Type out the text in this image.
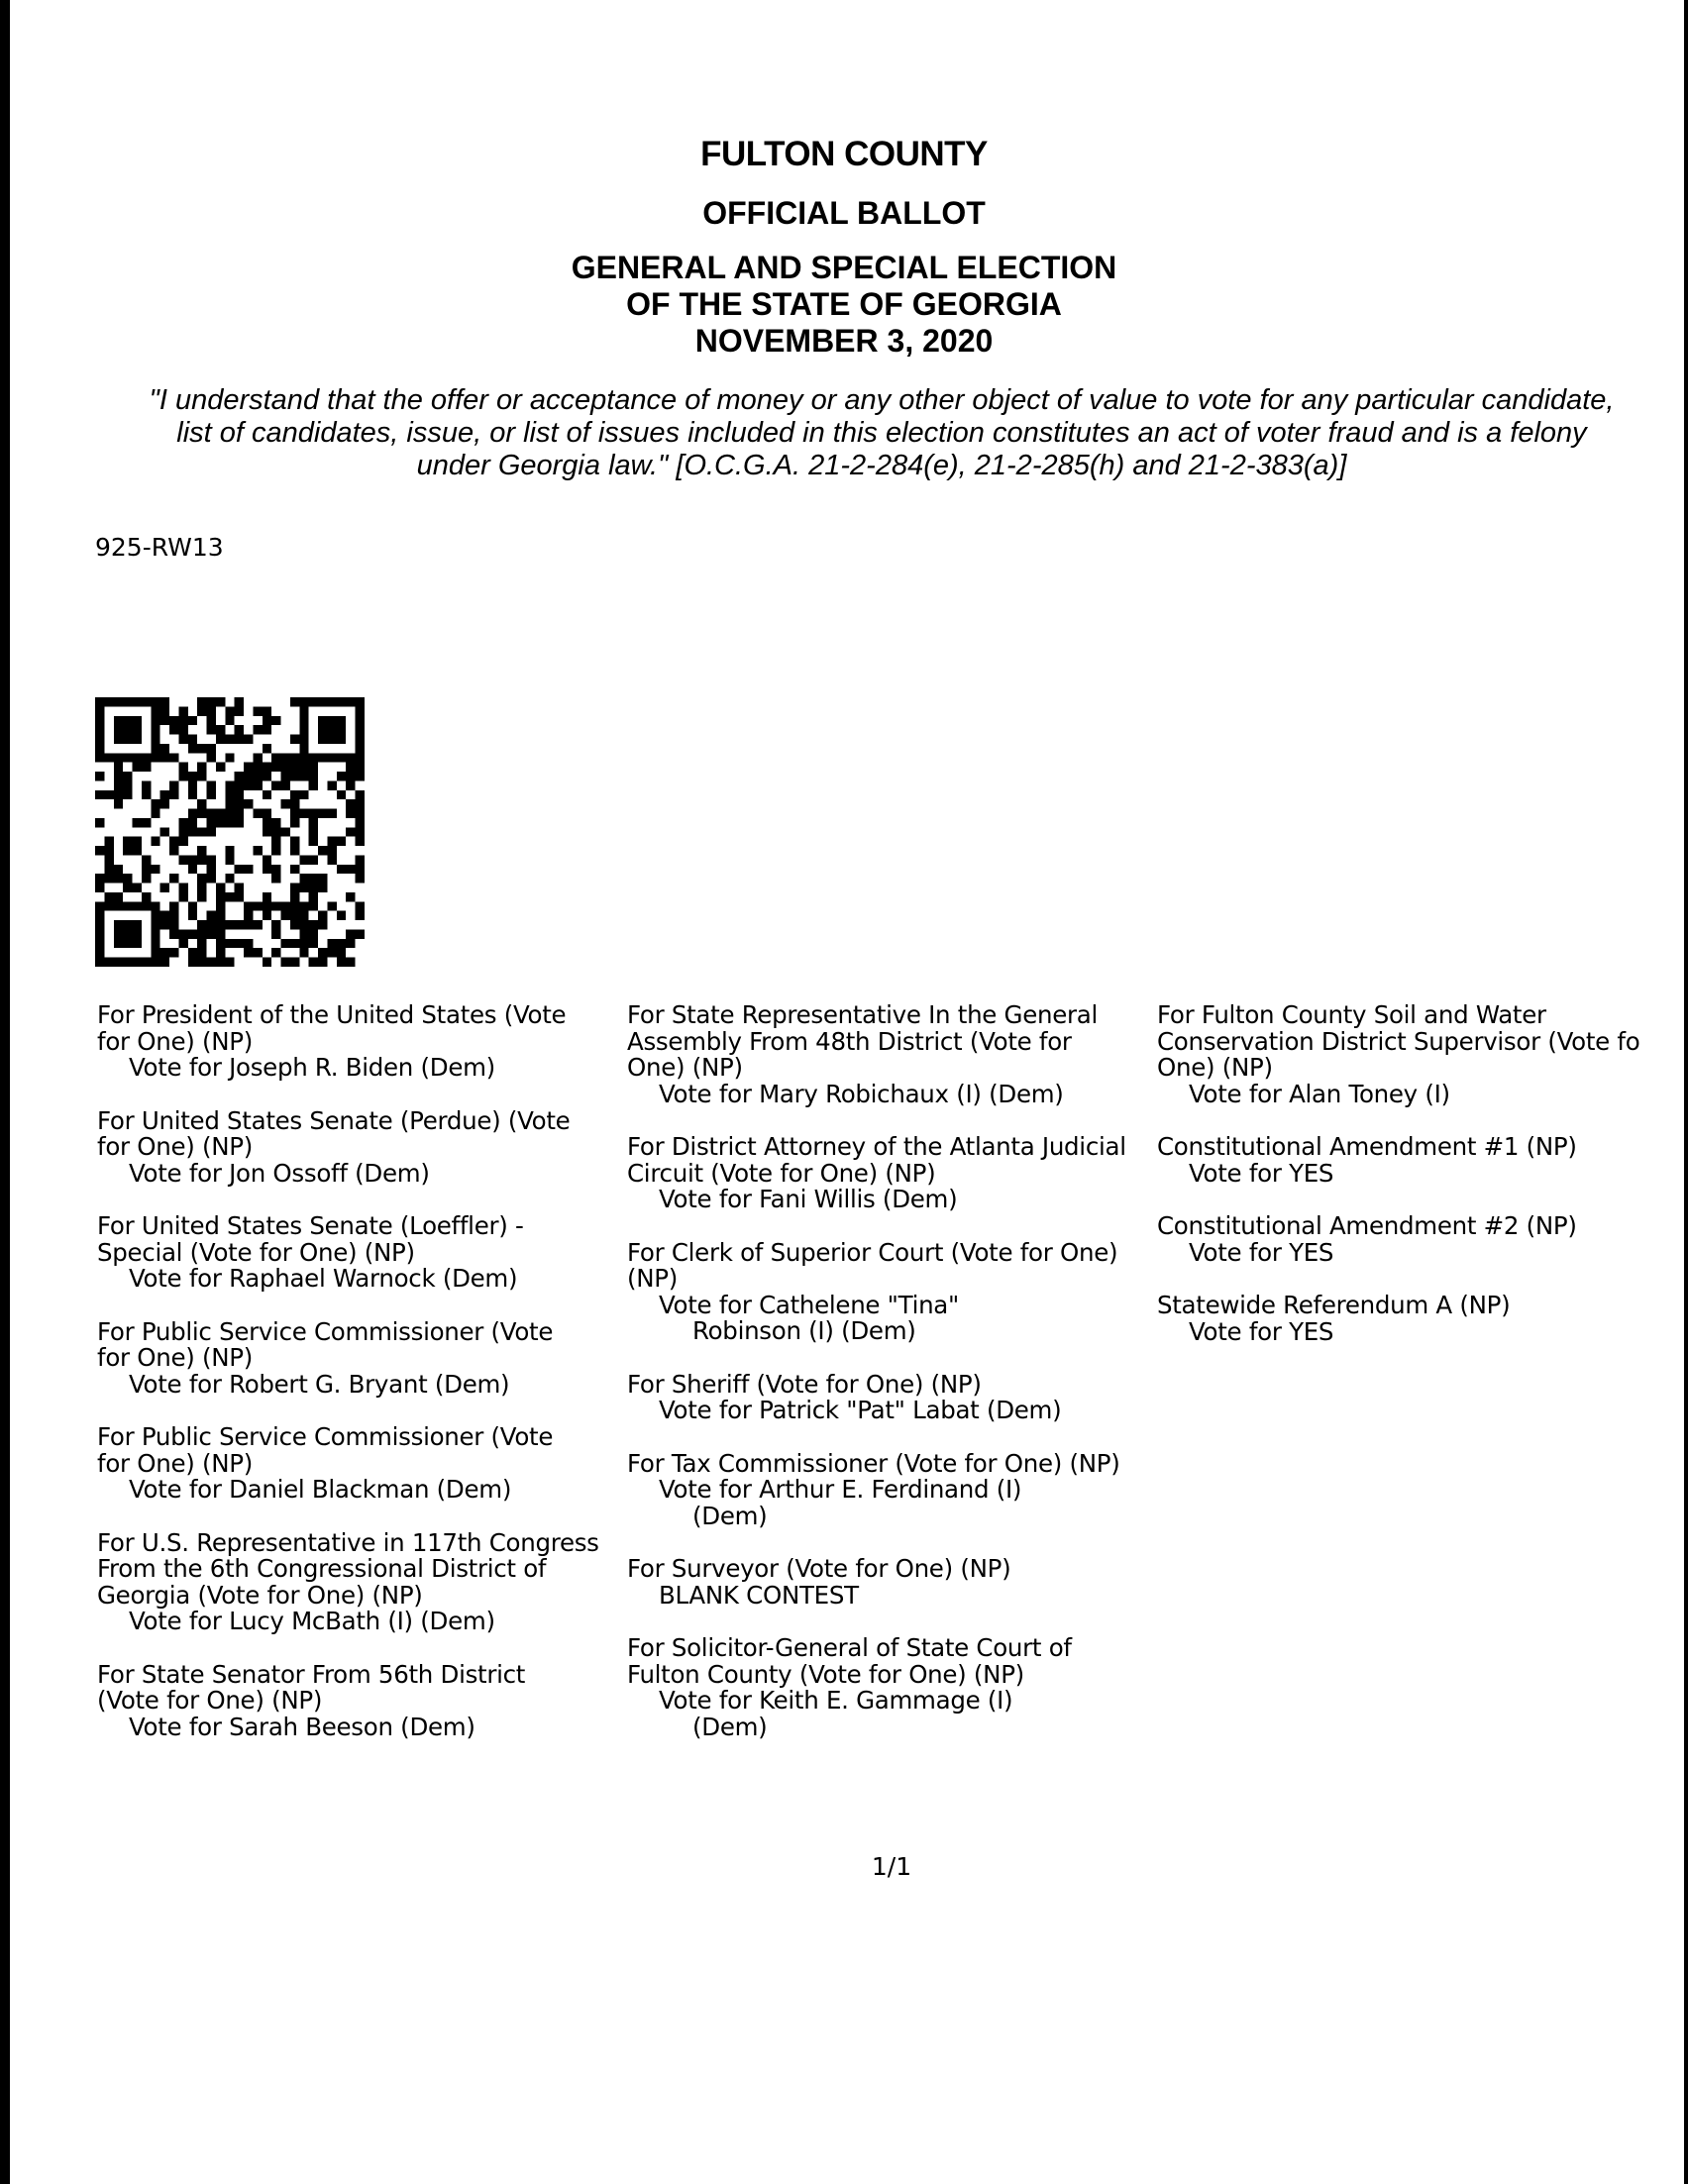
FULTON COUNTY
OFFICIAL BALLOT
GENERAL AND SPECIAL ELECTION
OF THE STATE OF GEORGIA
NOVEMBER 3, 2020
"I understand that the offer or acceptance of money or any other object of value to vote for any particular candidate,
list of candidates, issue, or list of issues included in this election constitutes an act of voter fraud and is a felony
under Georgia law." [O.C.G.A. 21-2-284(e), 21-2-285(h) and 21-2-383(a)]
925-RW13
For President of the United States (Vote
for One) (NP)
Vote for Joseph R. Biden (Dem)
For United States Senate (Perdue) (Vote
for One) (NP)
Vote for Jon Ossoff (Dem)
For United States Senate (Loeffler) -
Special (Vote for One) (NP)
Vote for Raphael Warnock (Dem)
For Public Service Commissioner (Vote
for One) (NP)
Vote for Robert G. Bryant (Dem)
For Public Service Commissioner (Vote
for One) (NP)
Vote for Daniel Blackman (Dem)
For U.S. Representative in 117th Congress
From the 6th Congressional District of
Georgia (Vote for One) (NP)
Vote for Lucy McBath (I) (Dem)
For State Senator From 56th District
(Vote for One) (NP)
Vote for Sarah Beeson (Dem)
For State Representative In the General
Assembly From 48th District (Vote for
One) (NP)
Vote for Mary Robichaux (I) (Dem)
For District Attorney of the Atlanta Judicial
Circuit (Vote for One) (NP)
Vote for Fani Willis (Dem)
For Clerk of Superior Court (Vote for One)
(NP)
Vote for Cathelene "Tina"
Robinson (I) (Dem)
For Sheriff (Vote for One) (NP)
Vote for Patrick "Pat" Labat (Dem)
For Tax Commissioner (Vote for One) (NP)
Vote for Arthur E. Ferdinand (I)
(Dem)
For Surveyor (Vote for One) (NP)
BLANK CONTEST
For Solicitor-General of State Court of
Fulton County (Vote for One) (NP)
Vote for Keith E. Gammage (I)
(Dem)
For Fulton County Soil and Water
Conservation District Supervisor (Vote fo
One) (NP)
Vote for Alan Toney (I)
Constitutional Amendment #1 (NP)
Vote for YES
Constitutional Amendment #2 (NP)
Vote for YES
Statewide Referendum A (NP)
Vote for YES
1/1
